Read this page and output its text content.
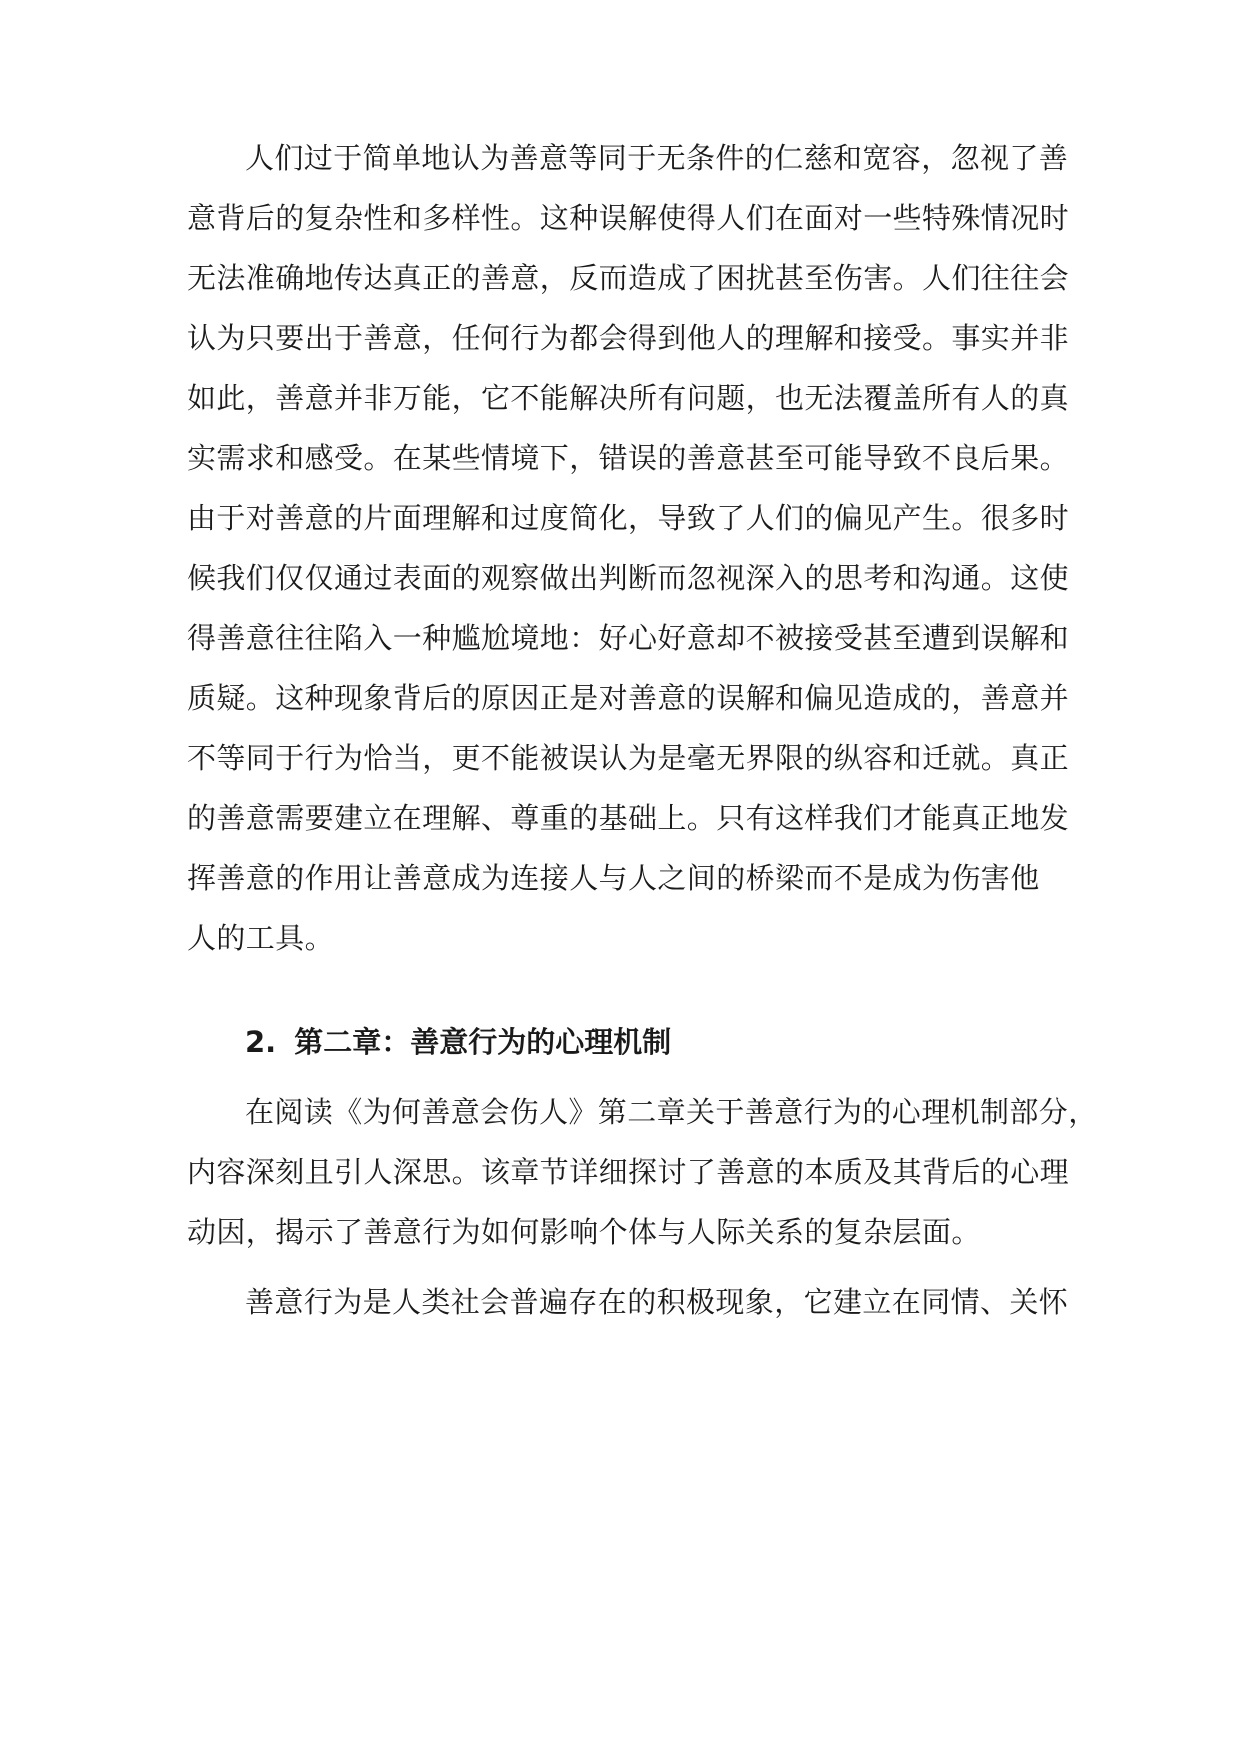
人们过于简单地认为善意等同于无条件的仁慈和宽容，忽视了善
意背后的复杂性和多样性。这种误解使得人们在面对一些特殊情况时
无法准确地传达真正的善意，反而造成了困扰甚至伤害。人们往往会
认为只要出于善意，任何行为都会得到他人的理解和接受。事实并非
如此，善意并非万能，它不能解决所有问题，也无法覆盖所有人的真
实需求和感受。在某些情境下，错误的善意甚至可能导致不良后果。
由于对善意的片面理解和过度简化，导致了人们的偏见产生。很多时
候我们仅仅通过表面的观察做出判断而忽视深入的思考和沟通。这使
得善意往往陷入一种尴尬境地：好心好意却不被接受甚至遭到误解和
质疑。这种现象背后的原因正是对善意的误解和偏见造成的，善意并
不等同于行为恰当，更不能被误认为是毫无界限的纵容和迁就。真正
的善意需要建立在理解、尊重的基础上。只有这样我们才能真正地发
挥善意的作用让善意成为连接人与人之间的桥梁而不是成为伤害他
人的工具。
2. 第二章：善意行为的心理机制
在阅读《为何善意会伤人》第二章关于善意行为的心理机制部分，
内容深刻且引人深思。该章节详细探讨了善意的本质及其背后的心理
动因，揭示了善意行为如何影响个体与人际关系的复杂层面。
善意行为是人类社会普遍存在的积极现象，它建立在同情、关怀
